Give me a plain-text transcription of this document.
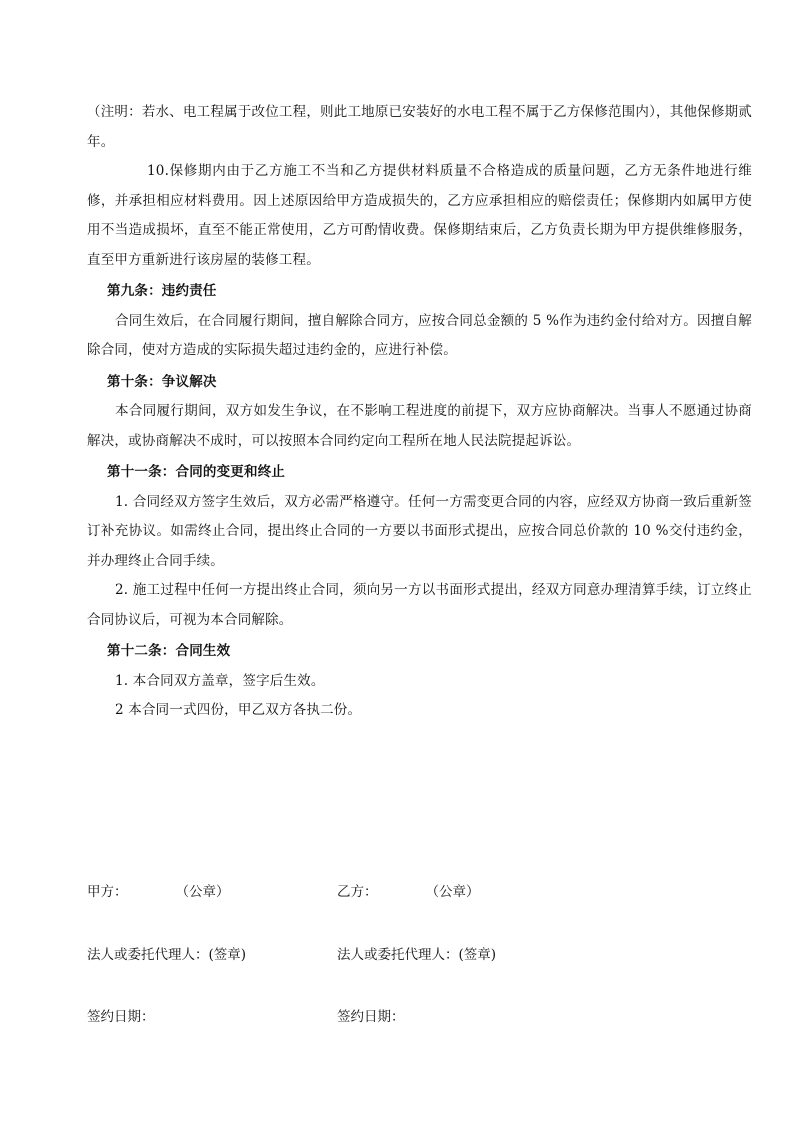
（注明：若水、电工程属于改位工程，则此工地原已安装好的水电工程不属于乙方保修范围内），其他保修期贰年。

10.保修期内由于乙方施工不当和乙方提供材料质量不合格造成的质量问题，乙方无条件地进行维修，并承担相应材料费用。因上述原因给甲方造成损失的，乙方应承担相应的赔偿责任；保修期内如属甲方使用不当造成损坏，直至不能正常使用，乙方可酌情收费。保修期结束后，乙方负责长期为甲方提供维修服务，直至甲方重新进行该房屋的装修工程。

第九条：违约责任

合同生效后，在合同履行期间，擅自解除合同方，应按合同总金额的 5 %作为违约金付给对方。因擅自解除合同，使对方造成的实际损失超过违约金的，应进行补偿。

第十条：争议解决

本合同履行期间，双方如发生争议，在不影响工程进度的前提下，双方应协商解决。当事人不愿通过协商解决，或协商解决不成时，可以按照本合同约定向工程所在地人民法院提起诉讼。

第十一条：合同的变更和终止

1. 合同经双方签字生效后，双方必需严格遵守。任何一方需变更合同的内容，应经双方协商一致后重新签订补充协议。如需终止合同，提出终止合同的一方要以书面形式提出，应按合同总价款的 10 %交付违约金，并办理终止合同手续。

2. 施工过程中任何一方提出终止合同，须向另一方以书面形式提出，经双方同意办理清算手续，订立终止合同协议后，可视为本合同解除。

第十二条：合同生效

1. 本合同双方盖章，签字后生效。

2 本合同一式四份，甲乙双方各执二份。

甲方：	（公章）	乙方：	（公章）
法人或委托代理人：(签章)	法人或委托代理人：(签章)
签约日期：	签约日期：
